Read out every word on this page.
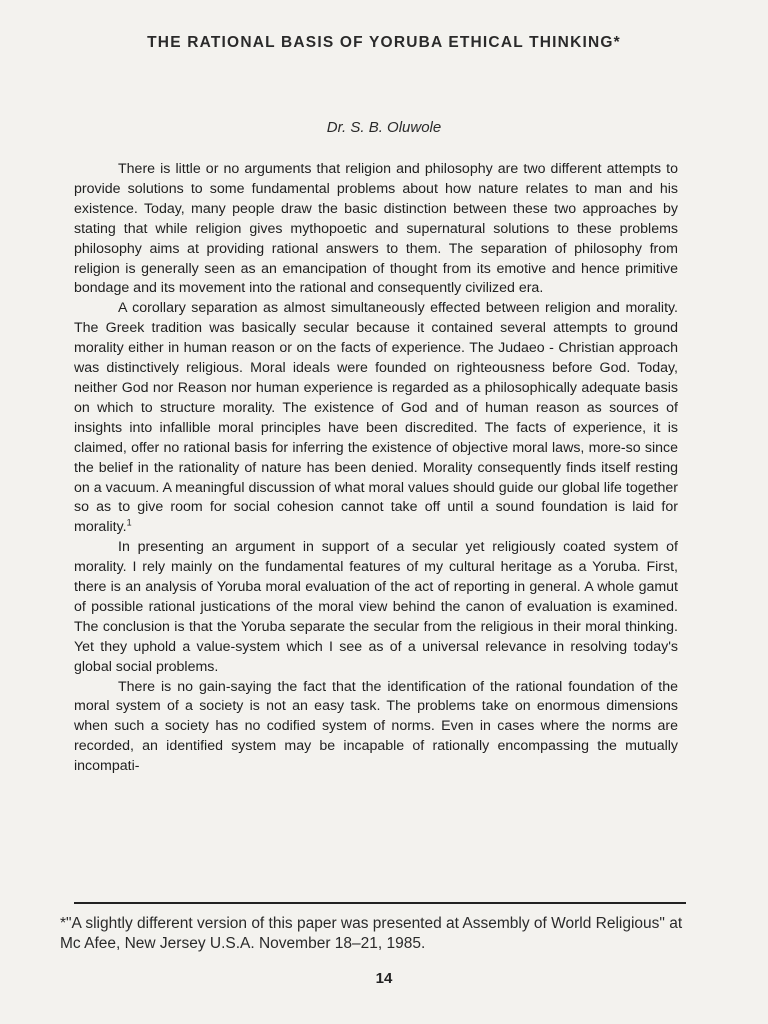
THE RATIONAL BASIS OF YORUBA ETHICAL THINKING*
Dr. S. B. Oluwole

There is little or no arguments that religion and philosophy are two different attempts to provide solutions to some fundamental problems about how nature relates to man and his existence. Today, many people draw the basic distinction between these two approaches by stating that while religion gives mythopoetic and supernatural solutions to these problems philosophy aims at providing rational answers to them. The separation of philosophy from religion is generally seen as an emancipation of thought from its emotive and hence primitive bondage and its movement into the rational and consequently civilized era.

A corollary separation as almost simultaneously effected between religion and morality. The Greek tradition was basically secular because it contained several attempts to ground morality either in human reason or on the facts of experience. The Judaeo - Christian approach was distinctively religious. Moral ideals were founded on righteousness before God. Today, neither God nor Reason nor human experience is regarded as a philosophically adequate basis on which to structure morality. The existence of God and of human reason as sources of insights into infallible moral principles have been discredited. The facts of experience, it is claimed, offer no rational basis for inferring the existence of objective moral laws, more-so since the belief in the rationality of nature has been denied. Morality consequently finds itself resting on a vacuum. A meaningful discussion of what moral values should guide our global life together so as to give room for social cohesion cannot take off until a sound foundation is laid for morality.$^1$

In presenting an argument in support of a secular yet religiously coated system of morality. I rely mainly on the fundamental features of my cultural heritage as a Yoruba. First, there is an analysis of Yoruba moral evaluation of the act of reporting in general. A whole gamut of possible rational justications of the moral view behind the canon of evaluation is examined. The conclusion is that the Yoruba separate the secular from the religious in their moral thinking. Yet they uphold a value-system which I see as of a universal relevance in resolving today's global social problems.

There is no gain-saying the fact that the identification of the rational foundation of the moral system of a society is not an easy task. The problems take on enormous dimensions when such a society has no codified system of norms. Even in cases where the norms are recorded, an identified system may be incapable of rationally encompassing the mutually incompati-

*"A slightly different version of this paper was presented at Assembly of World Religious" at Mc Afee, New Jersey U.S.A. November 18–21, 1985.
14
